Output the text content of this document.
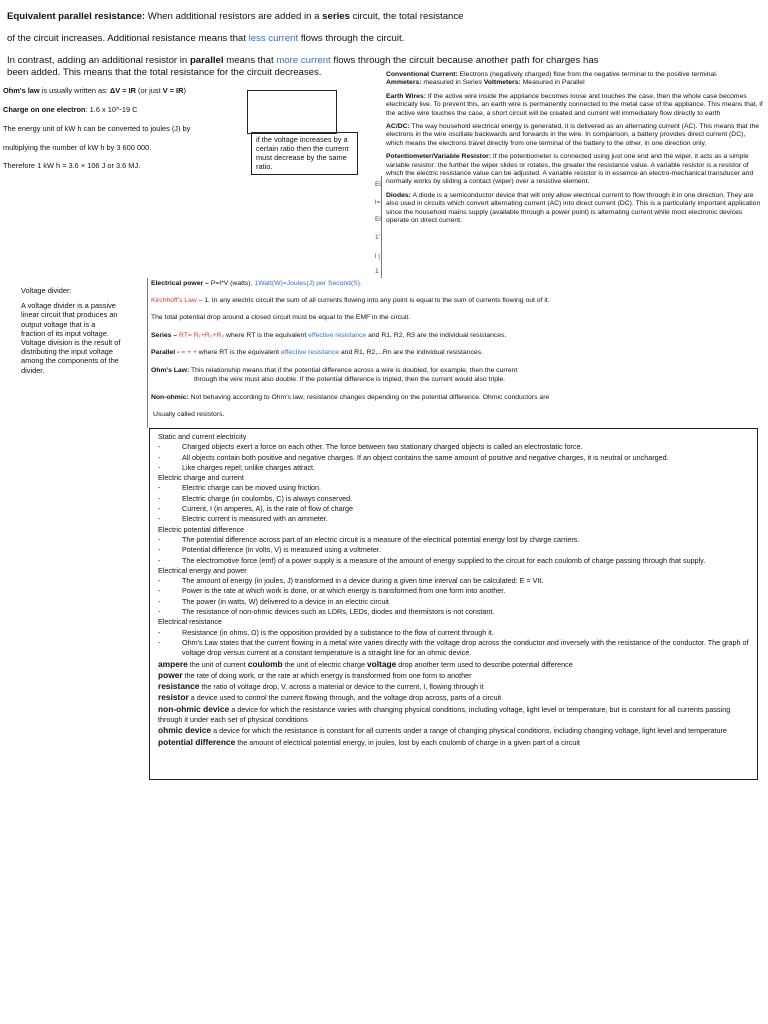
Equivalent parallel resistance: When additional resistors are added in a series circuit, the total resistance
of the circuit increases. Additional resistance means that less current flows through the circuit.
In contrast, adding an additional resistor in parallel means that more current flows through the circuit because another path for charges has
been added. This means that the total resistance for the circuit decreases.
Ohm's law is usually written as: ΔV = IR (or just V = IR)
Charge on one electron: 1.6 x 10^-19 C
The energy unit of kW h can be converted to joules (J) by
multiplying the number of kW h by 3 600 000.
Therefore 1 kW h = 3.6 × 106 J or 3.6 MJ.
if the voltage increases by a certain ratio then the current must decrease by the same ratio.
Conventional Current: Electrons (negatively charged) flow from the negative terminal to the positive terminal.
Ammeters: measured in Series Voltmeters: Measured in Parallel
Earth Wires: If the active wire inside the appliance becomes loose and touches the case, then the whole case becomes electrically live. To prevent this, an earth wire is permanently connected to the metal case of the appliance. This means that, if the active wire touches the case, a short circuit will be created and current will immediately flow directly to earth
AC/DC: The way household electrical energy is generated, it is delivered as an alternating current (AC). This means that the electrons in the wire oscillate backwards and forwards in the wire. In comparison, a battery provides direct current (DC), which means the electrons travel directly from one terminal of the battery to the other, in one direction only.
Potentiometer/Variable Resistor: If the potentiometer is connected using just one end and the wiper, it acts as a simple variable resistor: the further the wiper slides or rotates, the greater the resistance value. A variable resistor is a resistor of which the electric resistance value can be adjusted. A variable resistor is in essence an electro-mechanical transducer and normally works by sliding a contact (wiper) over a resistive element.
Diodes: A diode is a semiconductor device that will only allow electrical current to flow through it in one direction. They are also used in circuits which convert alternating current (AC) into direct current (DC). This is a particularly important application since the household mains supply (available through a power point) is alternating current while most electronic devices operate on direct current.
El
l=
El
1'
l |
1
Voltage divider:
A voltage divider is a passive linear circuit that produces an output voltage that is a fraction of its input voltage. Voltage division is the result of distributing the input voltage among the components of the divider.
Electrical power – P=I*V (watts). 1Watt(W)=Joules(J) per Second(S).
Kirchhoff's Law – 1. In any electric circuit the sum of all currents flowing into any point is equal to the sum of currents flowing out of it.
The total potential drop around a closed circuit must be equal to the EMF in the circuit.
Series – RT= R₁+R₂+R₃ where RT is the equivalent effective resistance and R1, R2, R3 are the individual resistances.
Parallel - = + + where RT is the equivalent effective resistance and R1, R2,...Rn are the individual resistances.
Ohm's Law: This relationship means that if the potential difference across a wire is doubled, for example, then the current
through the wire must also double. If the potential difference is tripled, then the current would also triple.
Non-ohmic: Not behaving according to Ohm's law; resistance changes depending on the potential difference. Ohmic conductors are
Usually called resistors.
Static and current electricity
- Charged objects exert a force on each other. The force between two stationary charged objects is called an electrostatic force.
- All objects contain both positive and negative charges. If an object contains the same amount of positive and negative charges, it is neutral or uncharged.
- Like charges repel; unlike charges attract.
Electric charge and current
- Electric charge can be moved using friction.
- Electric charge (in coulombs, C) is always conserved.
- Current, I (in amperes, A), is the rate of flow of charge
- Electric current is measured with an ammeter.
Electric potential difference
- The potential difference across part of an electric circuit is a measure of the electrical potential energy lost by charge carriers.
- Potential difference (in volts, V) is measured using a voltmeter.
- The electromotive force (emf) of a power supply is a measure of the amount of energy supplied to the circuit for each coulomb of charge passing through that supply.
Electrical energy and power
- The amount of energy (in joules, J) transformed in a device during a given time interval can be calculated: E = VIt.
- Power is the rate at which work is done, or at which energy is transformed from one form into another.
- The power (in watts, W) delivered to a device in an electric circuit
- The resistance of non-ohmic devices such as LDRs, LEDs, diodes and thermistors is not constant.
Electrical resistance
- Resistance (in ohms, Ω) is the opposition provided by a substance to the flow of current through it.
- Ohm's Law states that the current flowing in a metal wire varies directly with the voltage drop across the conductor and inversely with the resistance of the conductor. The graph of voltage drop versus current at a constant temperature is a straight line for an ohmic device.
ampere the unit of current coulomb the unit of electric charge voltage drop another term used to describe potential difference
power the rate of doing work, or the rate at which energy is transformed from one form to another
resistance the ratio of voltage drop, V, across a material or device to the current, I, flowing through it
resistor a device used to control the current flowing through, and the voltage drop across, parts of a circuit
non-ohmic device a device for which the resistance varies with changing physical conditions, including voltage, light level or temperature, but is constant for all currents passing through it under each set of physical conditions
ohmic device a device for which the resistance is constant for all currents under a range of changing physical conditions, including changing voltage, light level and temperature
potential difference the amount of electrical potential energy, in joules, lost by each coulomb of charge in a given part of a circuit
